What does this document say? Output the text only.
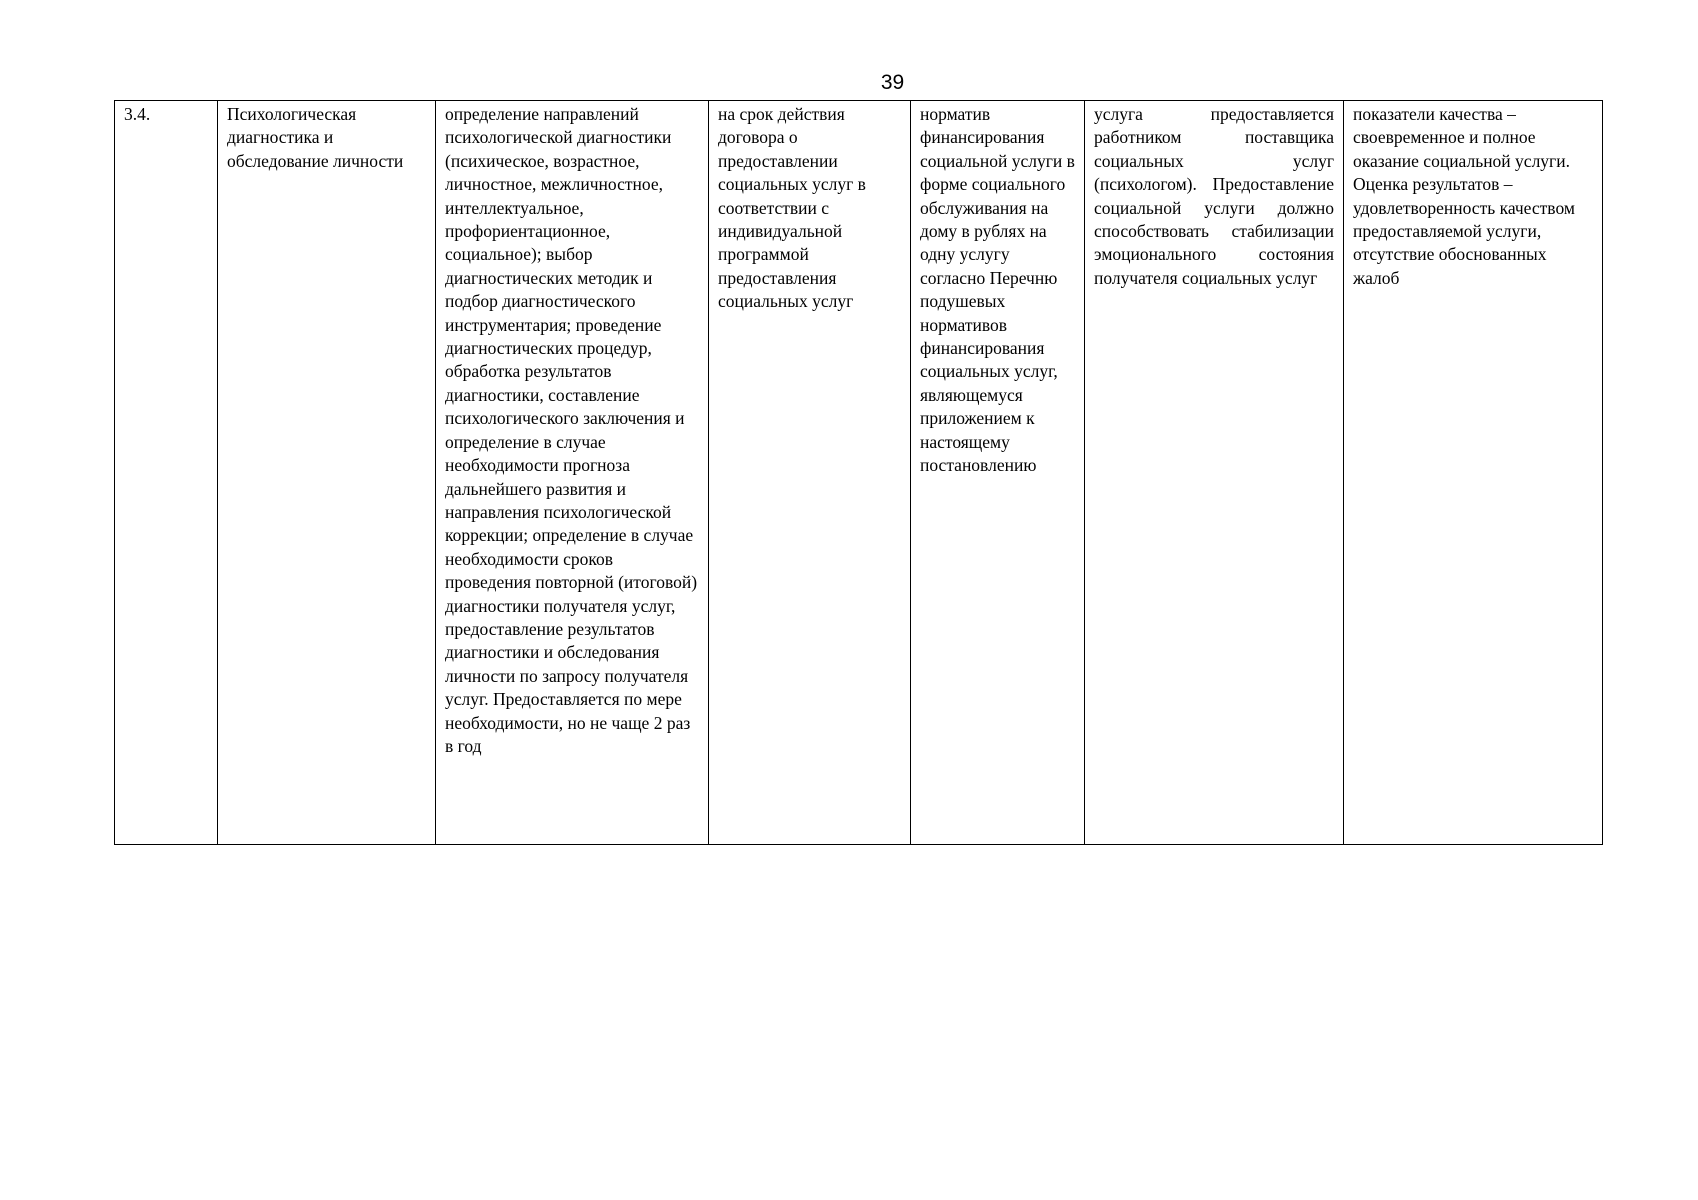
39
3.4.	Психологическая диагностика и обследование личности	определение направлений психологической диагностики (психическое, возрастное, личностное, межличностное, интеллектуальное, профориентационное, социальное); выбор диагностических методик и подбор диагностического инструментария; проведение диагностических процедур, обработка результатов диагностики, составление психологического заключения и определение в случае необходимости прогноза дальнейшего развития и направления психологической коррекции; определение в случае необходимости сроков проведения повторной (итоговой) диагностики получателя услуг, предоставление результатов диагностики и обследования личности по запросу получателя услуг. Предоставляется по мере необходимости, но не чаще 2 раз в год	на срок действия договора о предоставлении социальных услуг в соответствии с индивидуальной программой предоставления социальных услуг	норматив финансирования социальной услуги в форме социального обслуживания на дому в рублях на одну услугу согласно Перечню подушевых нормативов финансирования социальных услуг, являющемуся приложением к настоящему постановлению	услуга предоставляется работником поставщика социальных услуг (психологом). Предоставление социальной услуги должно способствовать стабилизации эмоционального состояния получателя социальных услуг	показатели качества – своевременное и полное оказание социальной услуги. Оценка результатов – удовлетворенность качеством предоставляемой услуги, отсутствие обоснованных жалоб
